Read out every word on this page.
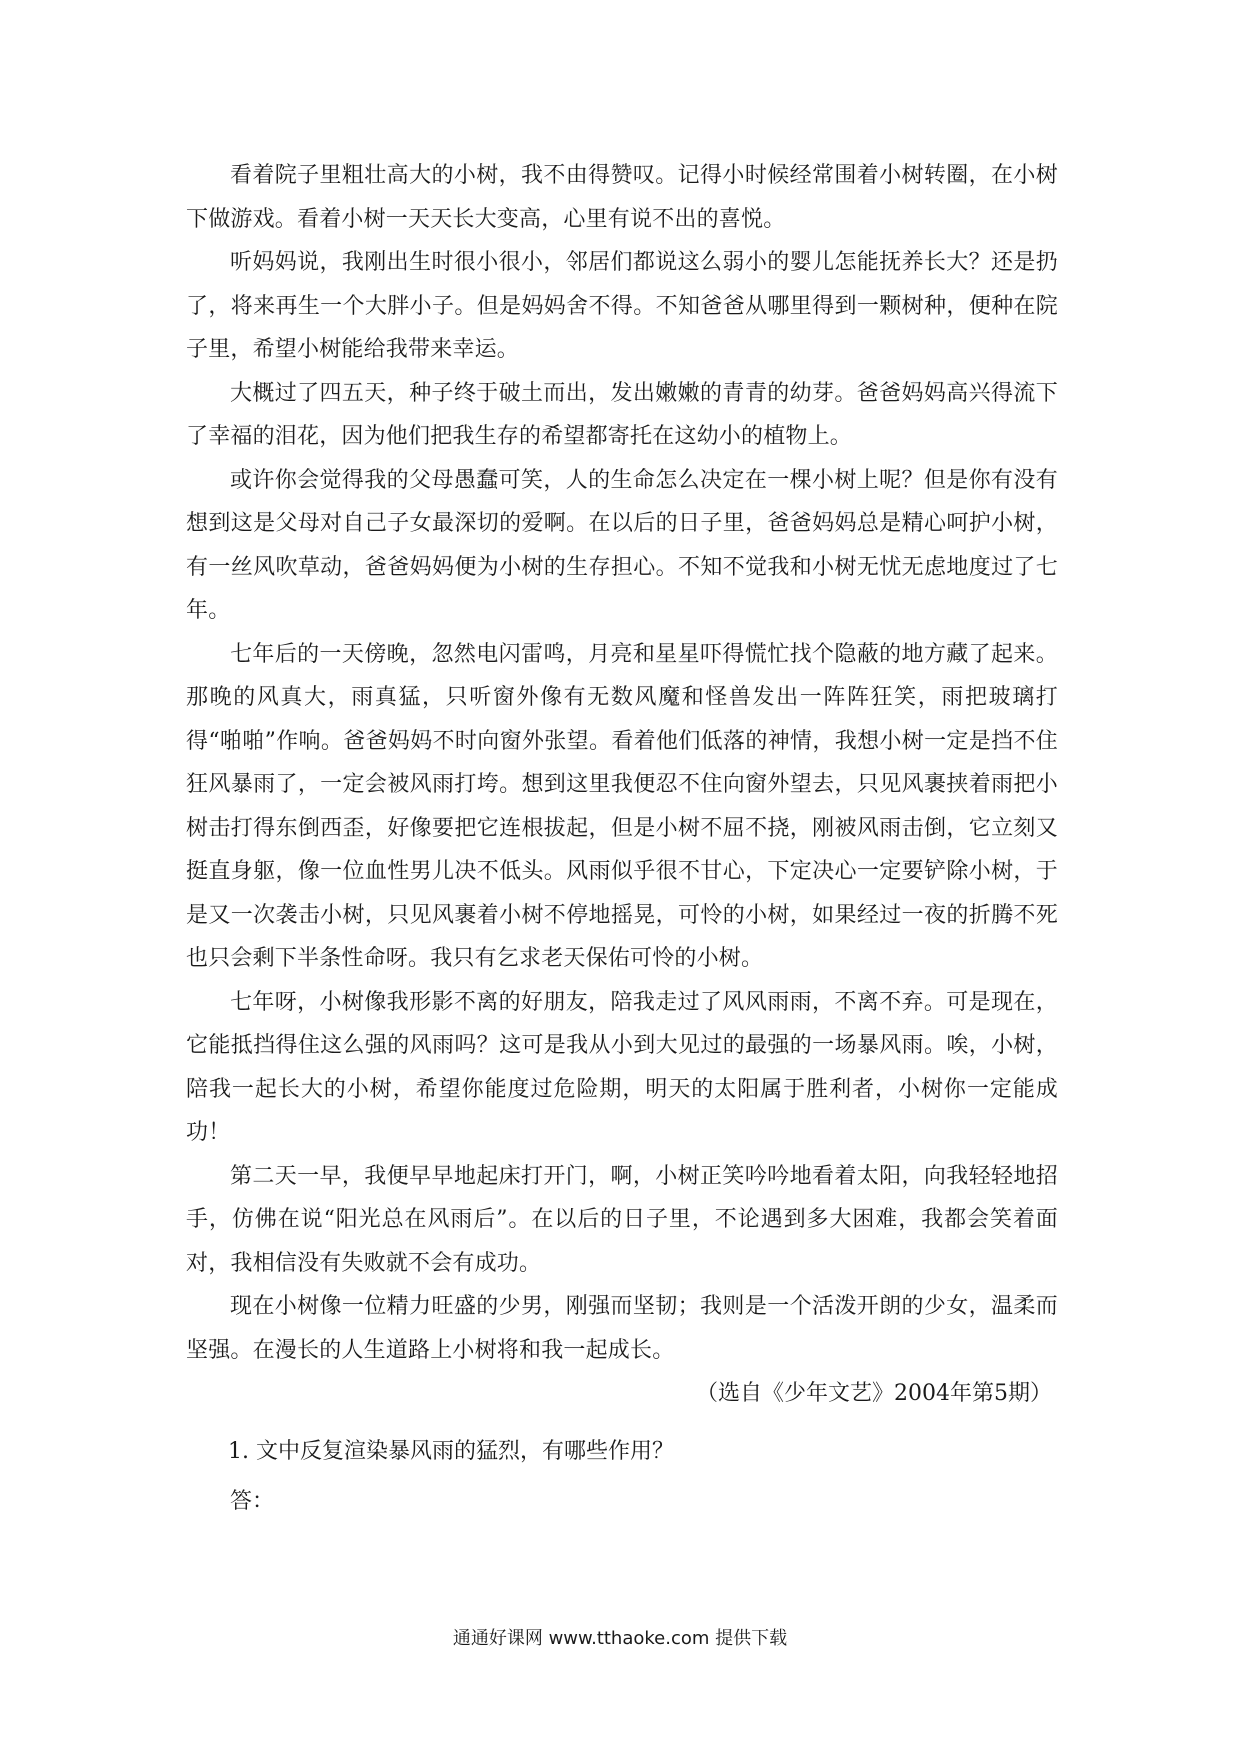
看着院子里粗壮高大的小树，我不由得赞叹。记得小时候经常围着小树转圈，在小树下做游戏。看着小树一天天长大变高，心里有说不出的喜悦。

听妈妈说，我刚出生时很小很小，邻居们都说这么弱小的婴儿怎能抚养长大？还是扔了，将来再生一个大胖小子。但是妈妈舍不得。不知爸爸从哪里得到一颗树种，便种在院子里，希望小树能给我带来幸运。

大概过了四五天，种子终于破土而出，发出嫩嫩的青青的幼芽。爸爸妈妈高兴得流下了幸福的泪花，因为他们把我生存的希望都寄托在这幼小的植物上。

或许你会觉得我的父母愚蠢可笑，人的生命怎么决定在一棵小树上呢？但是你有没有想到这是父母对自己子女最深切的爱啊。在以后的日子里，爸爸妈妈总是精心呵护小树，有一丝风吹草动，爸爸妈妈便为小树的生存担心。不知不觉我和小树无忧无虑地度过了七年。

七年后的一天傍晚，忽然电闪雷鸣，月亮和星星吓得慌忙找个隐蔽的地方藏了起来。那晚的风真大，雨真猛，只听窗外像有无数风魔和怪兽发出一阵阵狂笑，雨把玻璃打得“啪啪”作响。爸爸妈妈不时向窗外张望。看着他们低落的神情，我想小树一定是挡不住狂风暴雨了，一定会被风雨打垮。想到这里我便忍不住向窗外望去，只见风裹挟着雨把小树击打得东倒西歪，好像要把它连根拔起，但是小树不屈不挠，刚被风雨击倒，它立刻又挺直身躯，像一位血性男儿决不低头。风雨似乎很不甘心，下定决心一定要铲除小树，于是又一次袭击小树，只见风裹着小树不停地摇晃，可怜的小树，如果经过一夜的折腾不死也只会剩下半条性命呀。我只有乞求老天保佑可怜的小树。

七年呀，小树像我形影不离的好朋友，陪我走过了风风雨雨，不离不弃。可是现在，它能抵挡得住这么强的风雨吗？这可是我从小到大见过的最强的一场暴风雨。唉，小树，陪我一起长大的小树，希望你能度过危险期，明天的太阳属于胜利者，小树你一定能成功！

第二天一早，我便早早地起床打开门，啊，小树正笑吟吟地看着太阳，向我轻轻地招手，仿佛在说“阳光总在风雨后”。在以后的日子里，不论遇到多大困难，我都会笑着面对，我相信没有失败就不会有成功。

现在小树像一位精力旺盛的少男，刚强而坚韧；我则是一个活泼开朗的少女，温柔而坚强。在漫长的人生道路上小树将和我一起成长。

（选自《少年文艺》2004年第5期）

1. 文中反复渲染暴风雨的猛烈，有哪些作用？

答：

通通好课网 www.tthaoke.com 提供下载
